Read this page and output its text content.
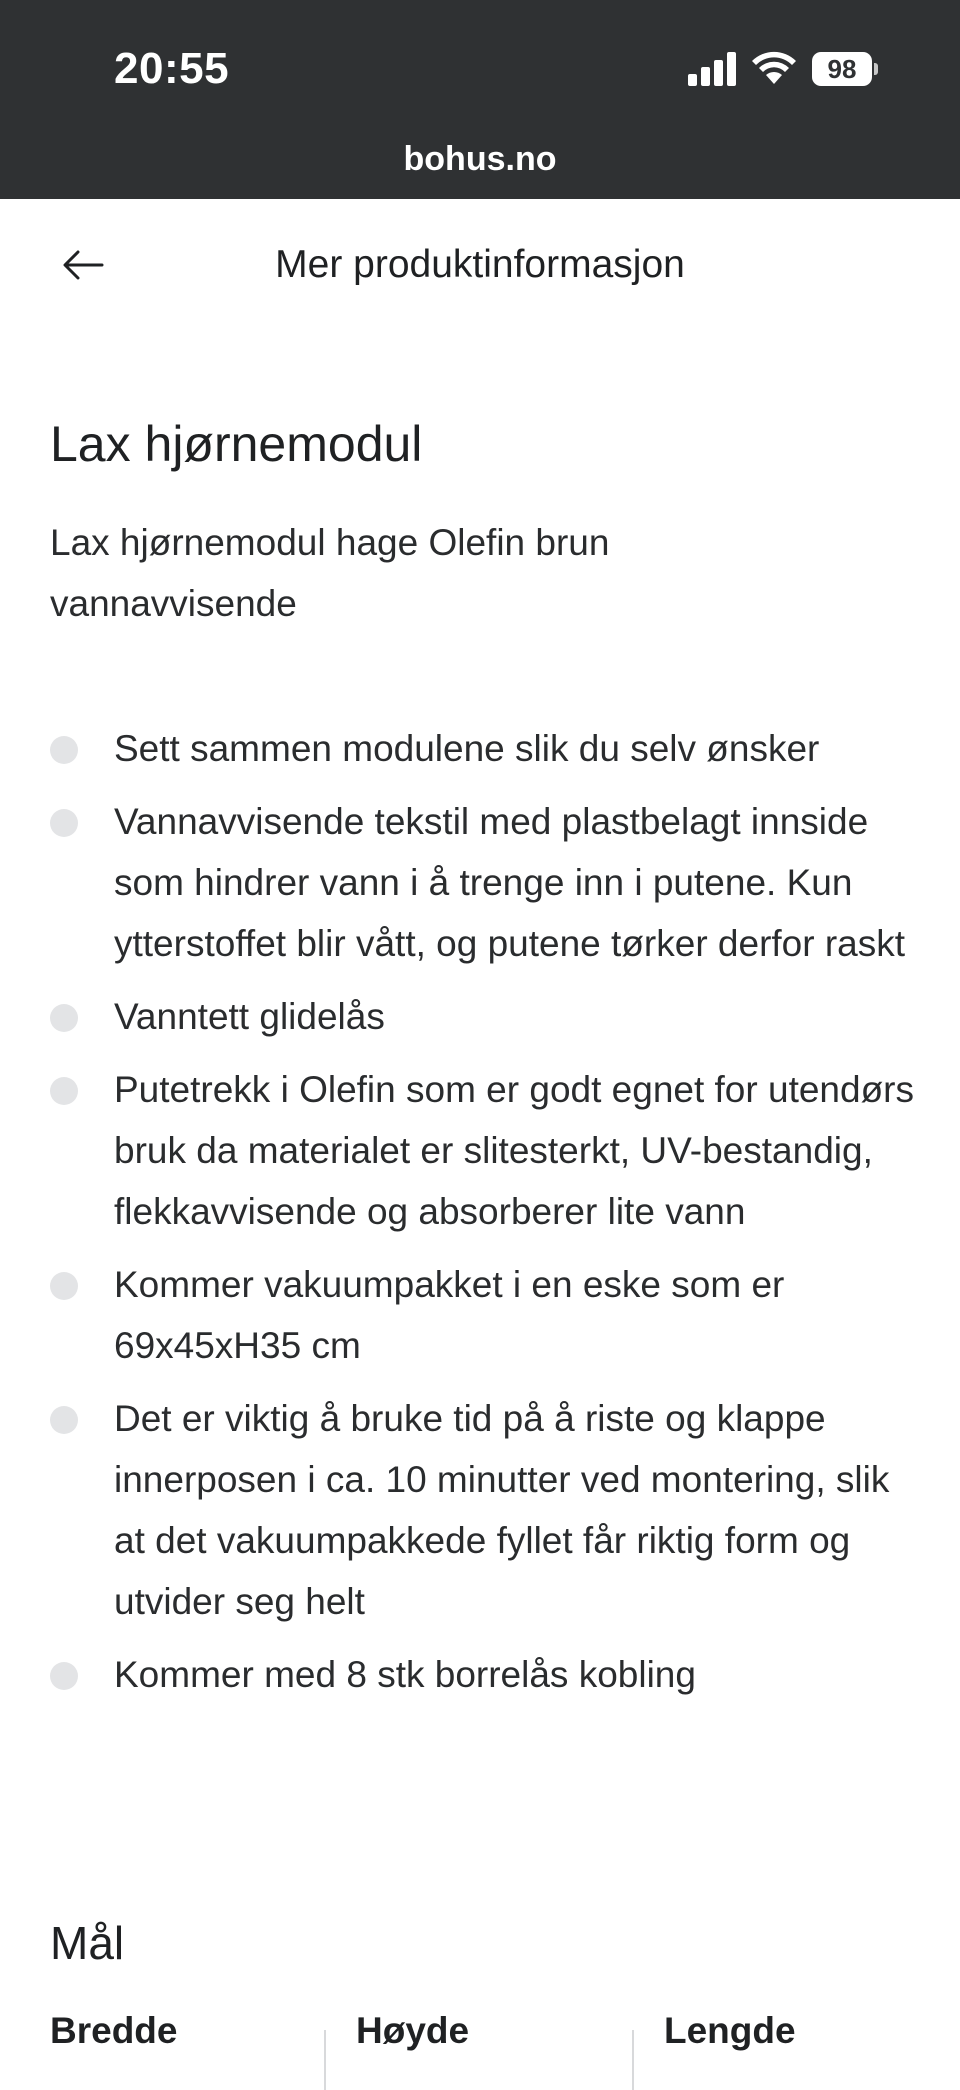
20:55	98
bohus.no
Mer produktinformasjon
Lax hjørnemodul

Lax hjørnemodul hage Olefin brun vannavvisende

Sett sammen modulene slik du selv ønsker
Vannavvisende tekstil med plastbelagt innside som hindrer vann i å trenge inn i putene. Kun ytterstoffet blir vått, og putene tørker derfor raskt
Vanntett glidelås
Putetrekk i Olefin som er godt egnet for utendørs bruk da materialet er slitesterkt, UV-bestandig, flekkavvisende og absorberer lite vann
Kommer vakuumpakket i en eske som er 69x45xH35 cm
Det er viktig å bruke tid på å riste og klappe innerposen i ca. 10 minutter ved montering, slik at det vakuumpakkede fyllet får riktig form og utvider seg helt
Kommer med 8 stk borrelås kobling
Mål
Bredde	Høyde	Lengde
